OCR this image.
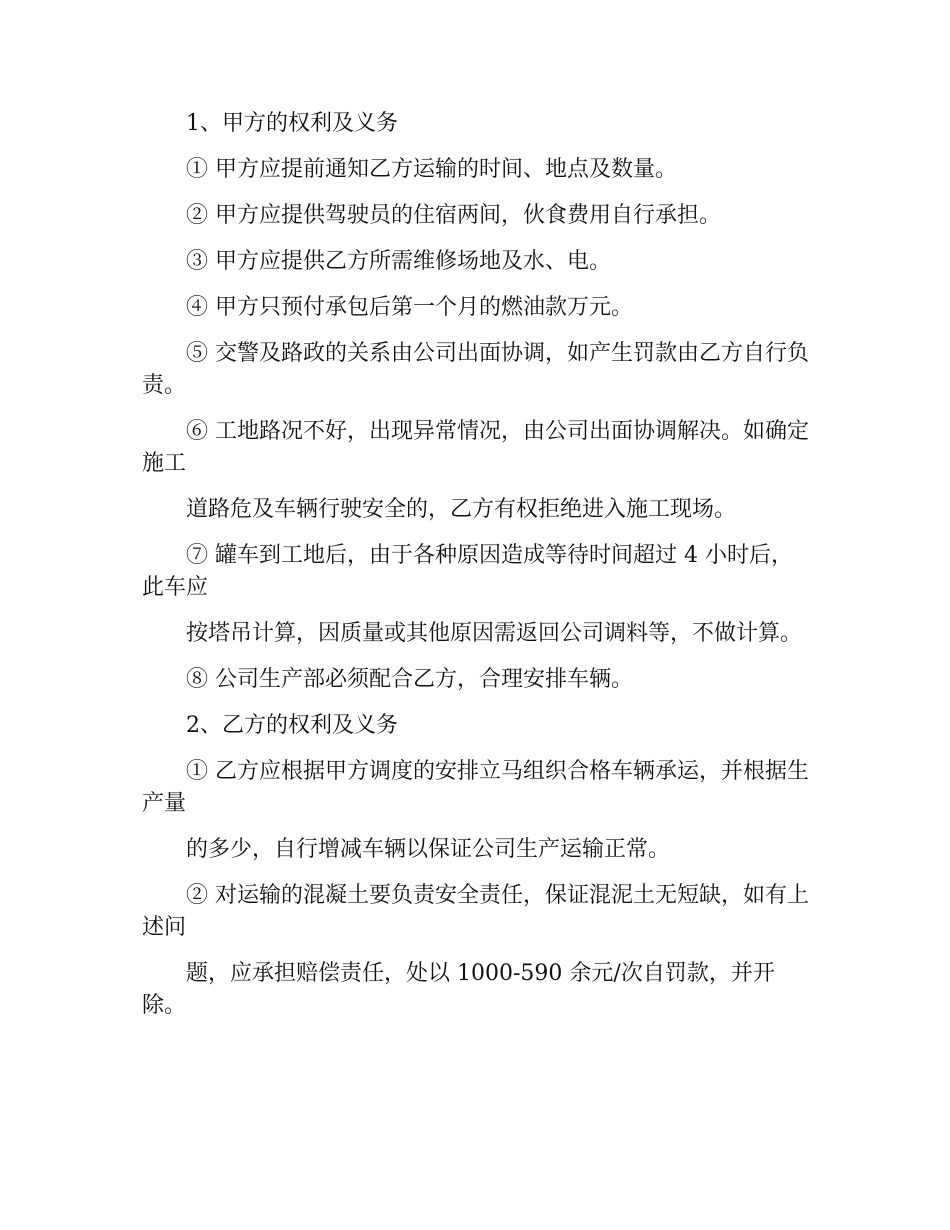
1、甲方的权利及义务

① 甲方应提前通知乙方运输的时间、地点及数量。

② 甲方应提供驾驶员的住宿两间，伙食费用自行承担。

③ 甲方应提供乙方所需维修场地及水、电。

④ 甲方只预付承包后第一个月的燃油款万元。

⑤ 交警及路政的关系由公司出面协调，如产生罚款由乙方自行负责。

⑥ 工地路况不好，出现异常情况，由公司出面协调解决。如确定施工

道路危及车辆行驶安全的，乙方有权拒绝进入施工现场。

⑦ 罐车到工地后，由于各种原因造成等待时间超过 4 小时后，此车应

按塔吊计算，因质量或其他原因需返回公司调料等，不做计算。

⑧ 公司生产部必须配合乙方，合理安排车辆。

2、乙方的权利及义务

① 乙方应根据甲方调度的安排立马组织合格车辆承运，并根据生产量

的多少，自行增减车辆以保证公司生产运输正常。

② 对运输的混凝土要负责安全责任，保证混泥土无短缺，如有上述问

题，应承担赔偿责任，处以 1000-590 余元/次自罚款，并开除。
